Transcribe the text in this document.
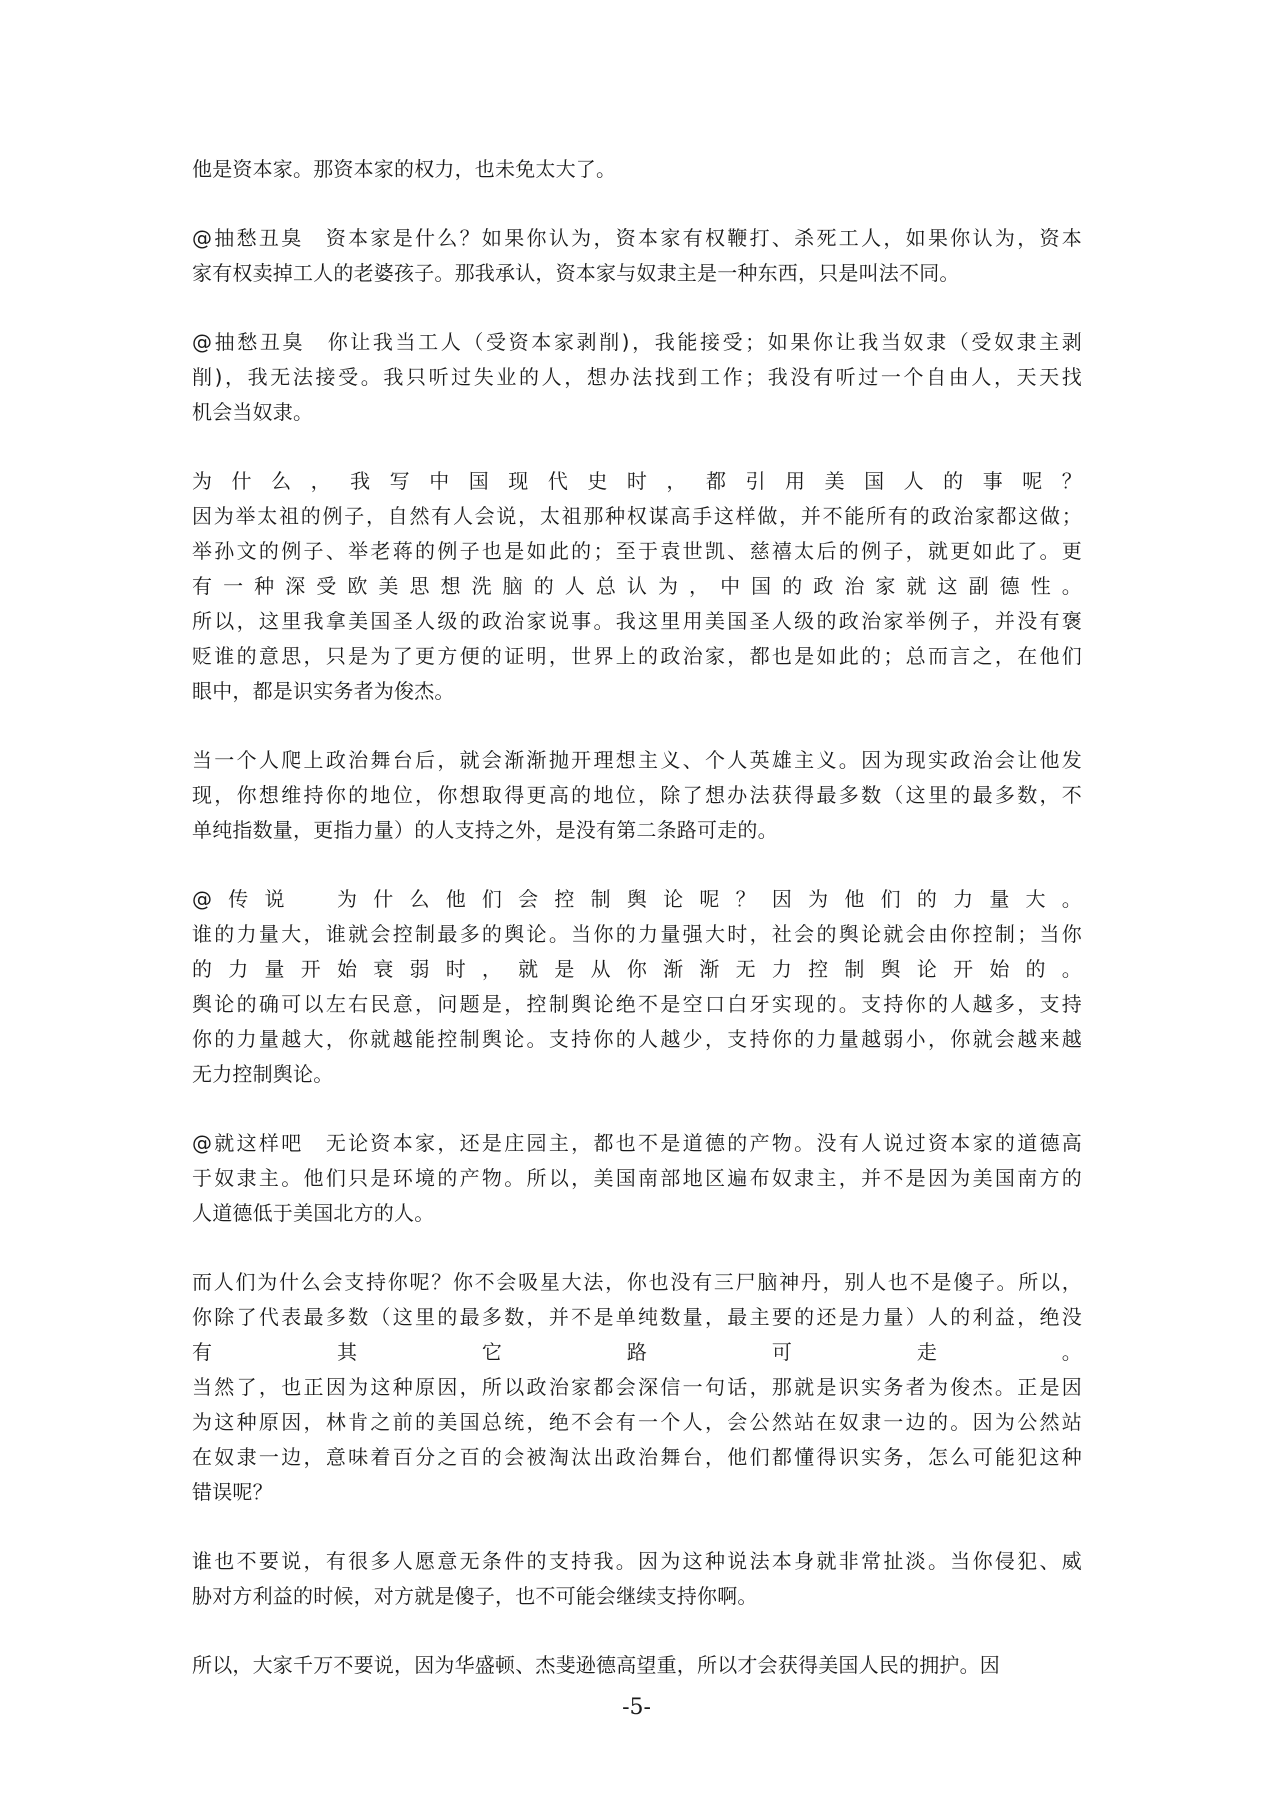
他是资本家。那资本家的权力，也未免太大了。
@抽愁丑臭　资本家是什么？如果你认为，资本家有权鞭打、杀死工人，如果你认为，资本
家有权卖掉工人的老婆孩子。那我承认，资本家与奴隶主是一种东西，只是叫法不同。
@抽愁丑臭　你让我当工人（受资本家剥削)，我能接受；如果你让我当奴隶（受奴隶主剥
削)，我无法接受。我只听过失业的人，想办法找到工作；我没有听过一个自由人，天天找
机会当奴隶。
为什么，我写中国现代史时，都引用美国人的事呢？
因为举太祖的例子，自然有人会说，太祖那种权谋高手这样做，并不能所有的政治家都这做；
举孙文的例子、举老蒋的例子也是如此的；至于袁世凯、慈禧太后的例子，就更如此了。更
有一种深受欧美思想洗脑的人总认为，中国的政治家就这副德性。
所以，这里我拿美国圣人级的政治家说事。我这里用美国圣人级的政治家举例子，并没有褒
贬谁的意思，只是为了更方便的证明，世界上的政治家，都也是如此的；总而言之，在他们
眼中，都是识实务者为俊杰。
当一个人爬上政治舞台后，就会渐渐抛开理想主义、个人英雄主义。因为现实政治会让他发
现，你想维持你的地位，你想取得更高的地位，除了想办法获得最多数（这里的最多数，不
单纯指数量，更指力量）的人支持之外，是没有第二条路可走的。
@传说　为什么他们会控制舆论呢？因为他们的力量大。
谁的力量大，谁就会控制最多的舆论。当你的力量强大时，社会的舆论就会由你控制；当你
的力量开始衰弱时，就是从你渐渐无力控制舆论开始的。
舆论的确可以左右民意，问题是，控制舆论绝不是空口白牙实现的。支持你的人越多，支持
你的力量越大，你就越能控制舆论。支持你的人越少，支持你的力量越弱小，你就会越来越
无力控制舆论。
@就这样吧　无论资本家，还是庄园主，都也不是道德的产物。没有人说过资本家的道德高
于奴隶主。他们只是环境的产物。所以，美国南部地区遍布奴隶主，并不是因为美国南方的
人道德低于美国北方的人。
而人们为什么会支持你呢？你不会吸星大法，你也没有三尸脑神丹，别人也不是傻子。所以，
你除了代表最多数（这里的最多数，并不是单纯数量，最主要的还是力量）人的利益，绝没
有其它路可走。
当然了，也正因为这种原因，所以政治家都会深信一句话，那就是识实务者为俊杰。正是因
为这种原因，林肯之前的美国总统，绝不会有一个人，会公然站在奴隶一边的。因为公然站
在奴隶一边，意味着百分之百的会被淘汰出政治舞台，他们都懂得识实务，怎么可能犯这种
错误呢？
谁也不要说，有很多人愿意无条件的支持我。因为这种说法本身就非常扯淡。当你侵犯、威
胁对方利益的时候，对方就是傻子，也不可能会继续支持你啊。
所以，大家千万不要说，因为华盛顿、杰斐逊德高望重，所以才会获得美国人民的拥护。因
-5-
